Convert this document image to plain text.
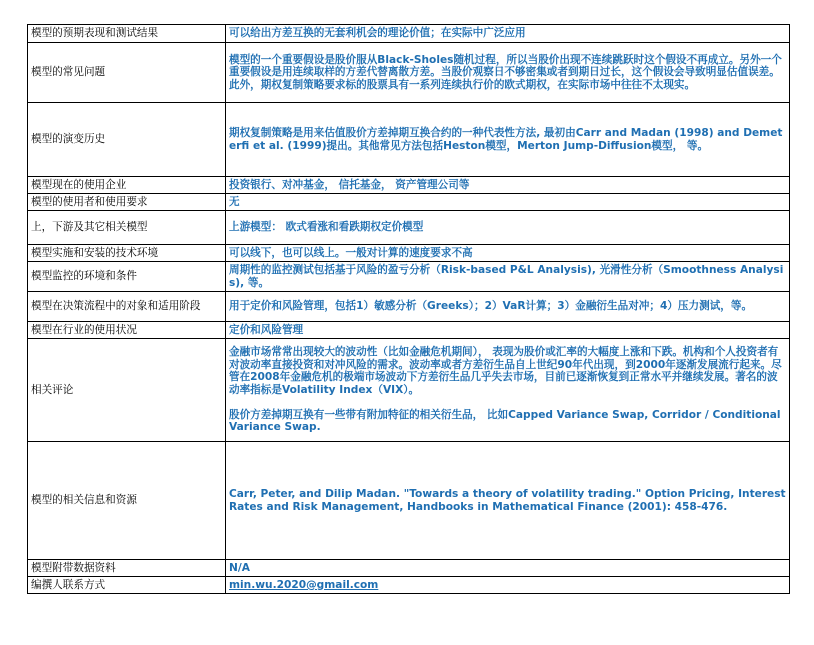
模型的预期表现和测试结果	可以给出方差互换的无套利机会的理论价值；在实际中广泛应用
模型的常见问题	模型的一个重要假设是股价服从Black-Sholes随机过程，所以当股价出现不连续跳跃时这个假设不再成立。另外一个重要假设是用连续取样的方差代替离散方差。当股价观察日不够密集或者到期日过长，这个假设会导致明显估值误差。此外，期权复制策略要求标的股票具有一系列连续执行价的欧式期权，在实际市场中往往不太现实。
模型的演变历史	期权复制策略是用来估值股价方差掉期互换合约的一种代表性方法, 最初由Carr and Madan (1998) and Demeterfi et al. (1999)提出。其他常见方法包括Heston模型，Merton Jump-Diffusion模型， 等。
模型现在的使用企业	投资银行、对冲基金， 信托基金， 资产管理公司等
模型的使用者和使用要求	无
上，下游及其它相关模型	上游模型： 欧式看涨和看跌期权定价模型
模型实施和安装的技术环境	可以线下，也可以线上。一般对计算的速度要求不高
模型监控的环境和条件	周期性的监控测试包括基于风险的盈亏分析（Risk-based P&L Analysis), 光滑性分析（Smoothness Analysis), 等。
模型在决策流程中的对象和适用阶段	用于定价和风险管理，包括1）敏感分析（Greeks）；2）VaR计算；3）金融衍生品对冲；4）压力测试，等。
模型在行业的使用状况	定价和风险管理
相关评论	金融市场常常出现较大的波动性（比如金融危机期间）， 表现为股价或汇率的大幅度上涨和下跌。机构和个人投资者有对波动率直接投资和对冲风险的需求。波动率或者方差衍生品自上世纪90年代出现，到2000年逐渐发展流行起来。尽管在2008年金融危机的极端市场波动下方差衍生品几乎失去市场，目前已逐渐恢复到正常水平并继续发展。著名的波动率指标是Volatility Index（VIX）。

股价方差掉期互换有一些带有附加特征的相关衍生品， 比如Capped Variance Swap, Corridor / Conditional Variance Swap.

模型的相关信息和资源	Carr, Peter, and Dilip Madan. "Towards a theory of volatility trading." Option Pricing, Interest Rates and Risk Management, Handbooks in Mathematical Finance (2001): 458-476.
模型附带数据资料	N/A
编撰人联系方式	min.wu.2020@gmail.com
